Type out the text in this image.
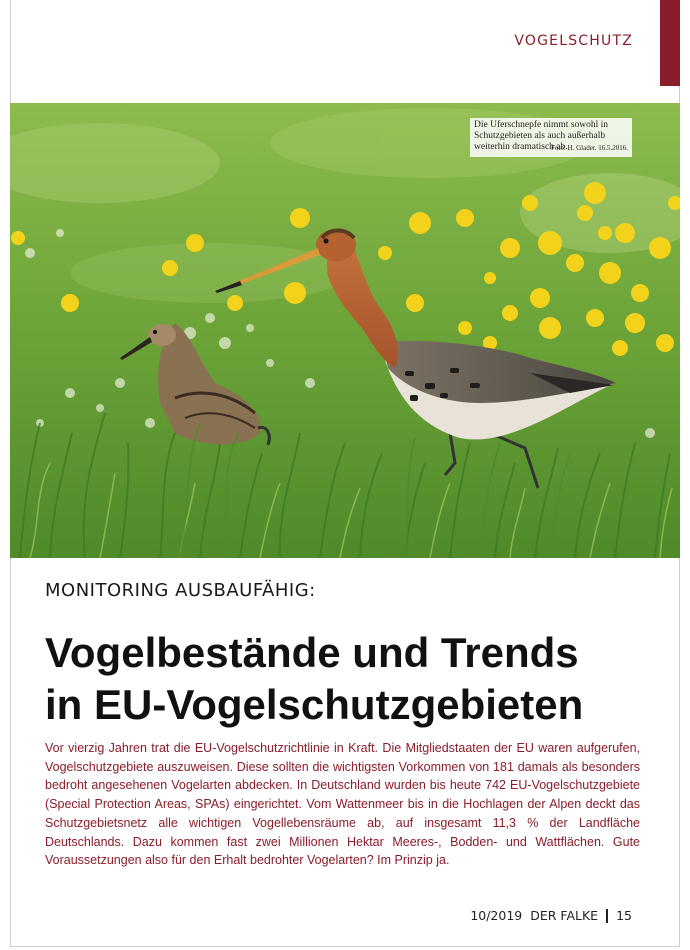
VOGELSCHUTZ
Die Uferschnepfe nimmt sowohl in Schutzgebieten als auch außerhalb weiterhin dramatisch ab.
Foto: H. Glader. 16.5.2016.
MONITORING AUSBAUFÄHIG:
Vogelbestände und Trends
in EU-Vogelschutzgebieten
Vor vierzig Jahren trat die EU-Vogelschutzrichtlinie in Kraft. Die Mitgliedstaaten der EU waren aufgerufen, Vogelschutzgebiete auszuweisen. Diese sollten die wichtigsten Vorkommen von 181 damals als besonders bedroht angesehenen Vogelarten abdecken. In Deutschland wurden bis heute 742 EU-Vogelschutzgebiete (Special Protection Areas, SPAs) eingerichtet. Vom Wattenmeer bis in die Hochlagen der Alpen deckt das Schutzgebietsnetz alle wichtigen Vogellebensräume ab, auf insgesamt 11,3 % der Landfläche Deutschlands. Dazu kommen fast zwei Millionen Hektar Meeres-, Bodden- und Wattflächen. Gute Voraussetzungen also für den Erhalt bedrohter Vogelarten? Im Prinzip ja.
10/2019 DER FALKE 15
